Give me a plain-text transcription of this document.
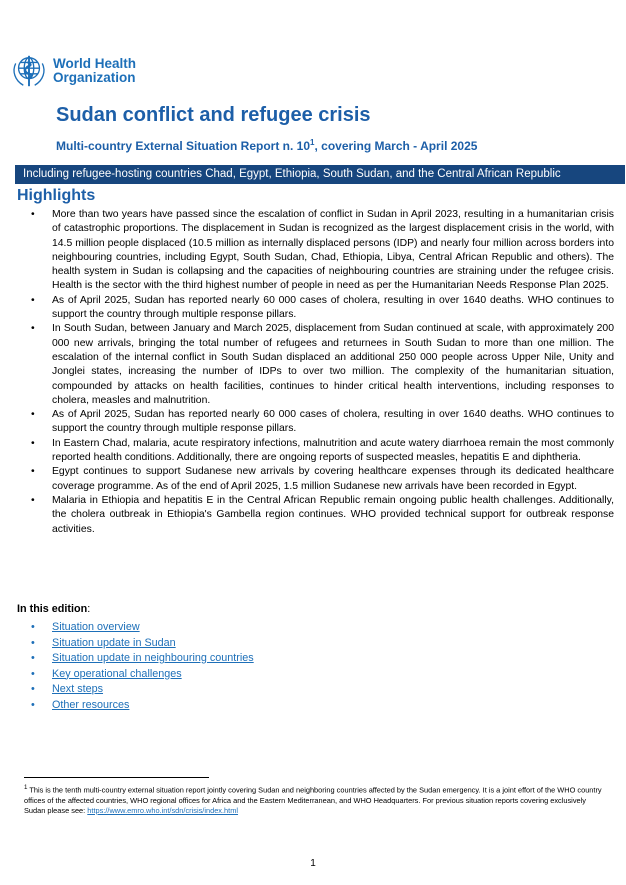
World Health
Organization
Sudan conflict and refugee crisis
Multi-country External Situation Report n. $10^1$, covering March - April 2025
Including refugee-hosting countries Chad, Egypt, Ethiopia, South Sudan, and the Central African Republic
Highlights
• More than two years have passed since the escalation of conflict in Sudan in April 2023, resulting in a humanitarian crisis of catastrophic proportions. The displacement in Sudan is recognized as the largest displacement crisis in the world, with 14.5 million people displaced (10.5 million as internally displaced persons (IDP) and nearly four million across borders into neighbouring countries, including Egypt, South Sudan, Chad, Ethiopia, Libya, Central African Republic and others). The health system in Sudan is collapsing and the capacities of neighbouring countries are straining under the refugee crisis. Health is the sector with the third highest number of people in need as per the Humanitarian Needs Response Plan 2025.
• As of April 2025, Sudan has reported nearly 60 000 cases of cholera, resulting in over 1640 deaths. WHO continues to support the country through multiple response pillars.
• In South Sudan, between January and March 2025, displacement from Sudan continued at scale, with approximately 200 000 new arrivals, bringing the total number of refugees and returnees in South Sudan to more than one million. The escalation of the internal conflict in South Sudan displaced an additional 250 000 people across Upper Nile, Unity and Jonglei states, increasing the number of IDPs to over two million. The complexity of the humanitarian situation, compounded by attacks on health facilities, continues to hinder critical health interventions, including responses to cholera, measles and malnutrition.
• As of April 2025, Sudan has reported nearly 60 000 cases of cholera, resulting in over 1640 deaths. WHO continues to support the country through multiple response pillars.
• In Eastern Chad, malaria, acute respiratory infections, malnutrition and acute watery diarrhoea remain the most commonly reported health conditions. Additionally, there are ongoing reports of suspected measles, hepatitis E and diphtheria.
• Egypt continues to support Sudanese new arrivals by covering healthcare expenses through its dedicated healthcare coverage programme. As of the end of April 2025, 1.5 million Sudanese new arrivals have been recorded in Egypt.
• Malaria in Ethiopia and hepatitis E in the Central African Republic remain ongoing public health challenges. Additionally, the cholera outbreak in Ethiopia's Gambella region continues. WHO provided technical support for outbreak response activities.
In this edition:
• Situation overview
• Situation update in Sudan
• Situation update in neighbouring countries
• Key operational challenges
• Next steps
• Other resources
$^1$ This is the tenth multi-country external situation report jointly covering Sudan and neighboring countries affected by the Sudan emergency. It is a joint effort of the WHO country offices of the affected countries, WHO regional offices for Africa and the Eastern Mediterranean, and WHO Headquarters. For previous situation reports covering exclusively Sudan please see: https://www.emro.who.int/sdn/crisis/index.html
1
